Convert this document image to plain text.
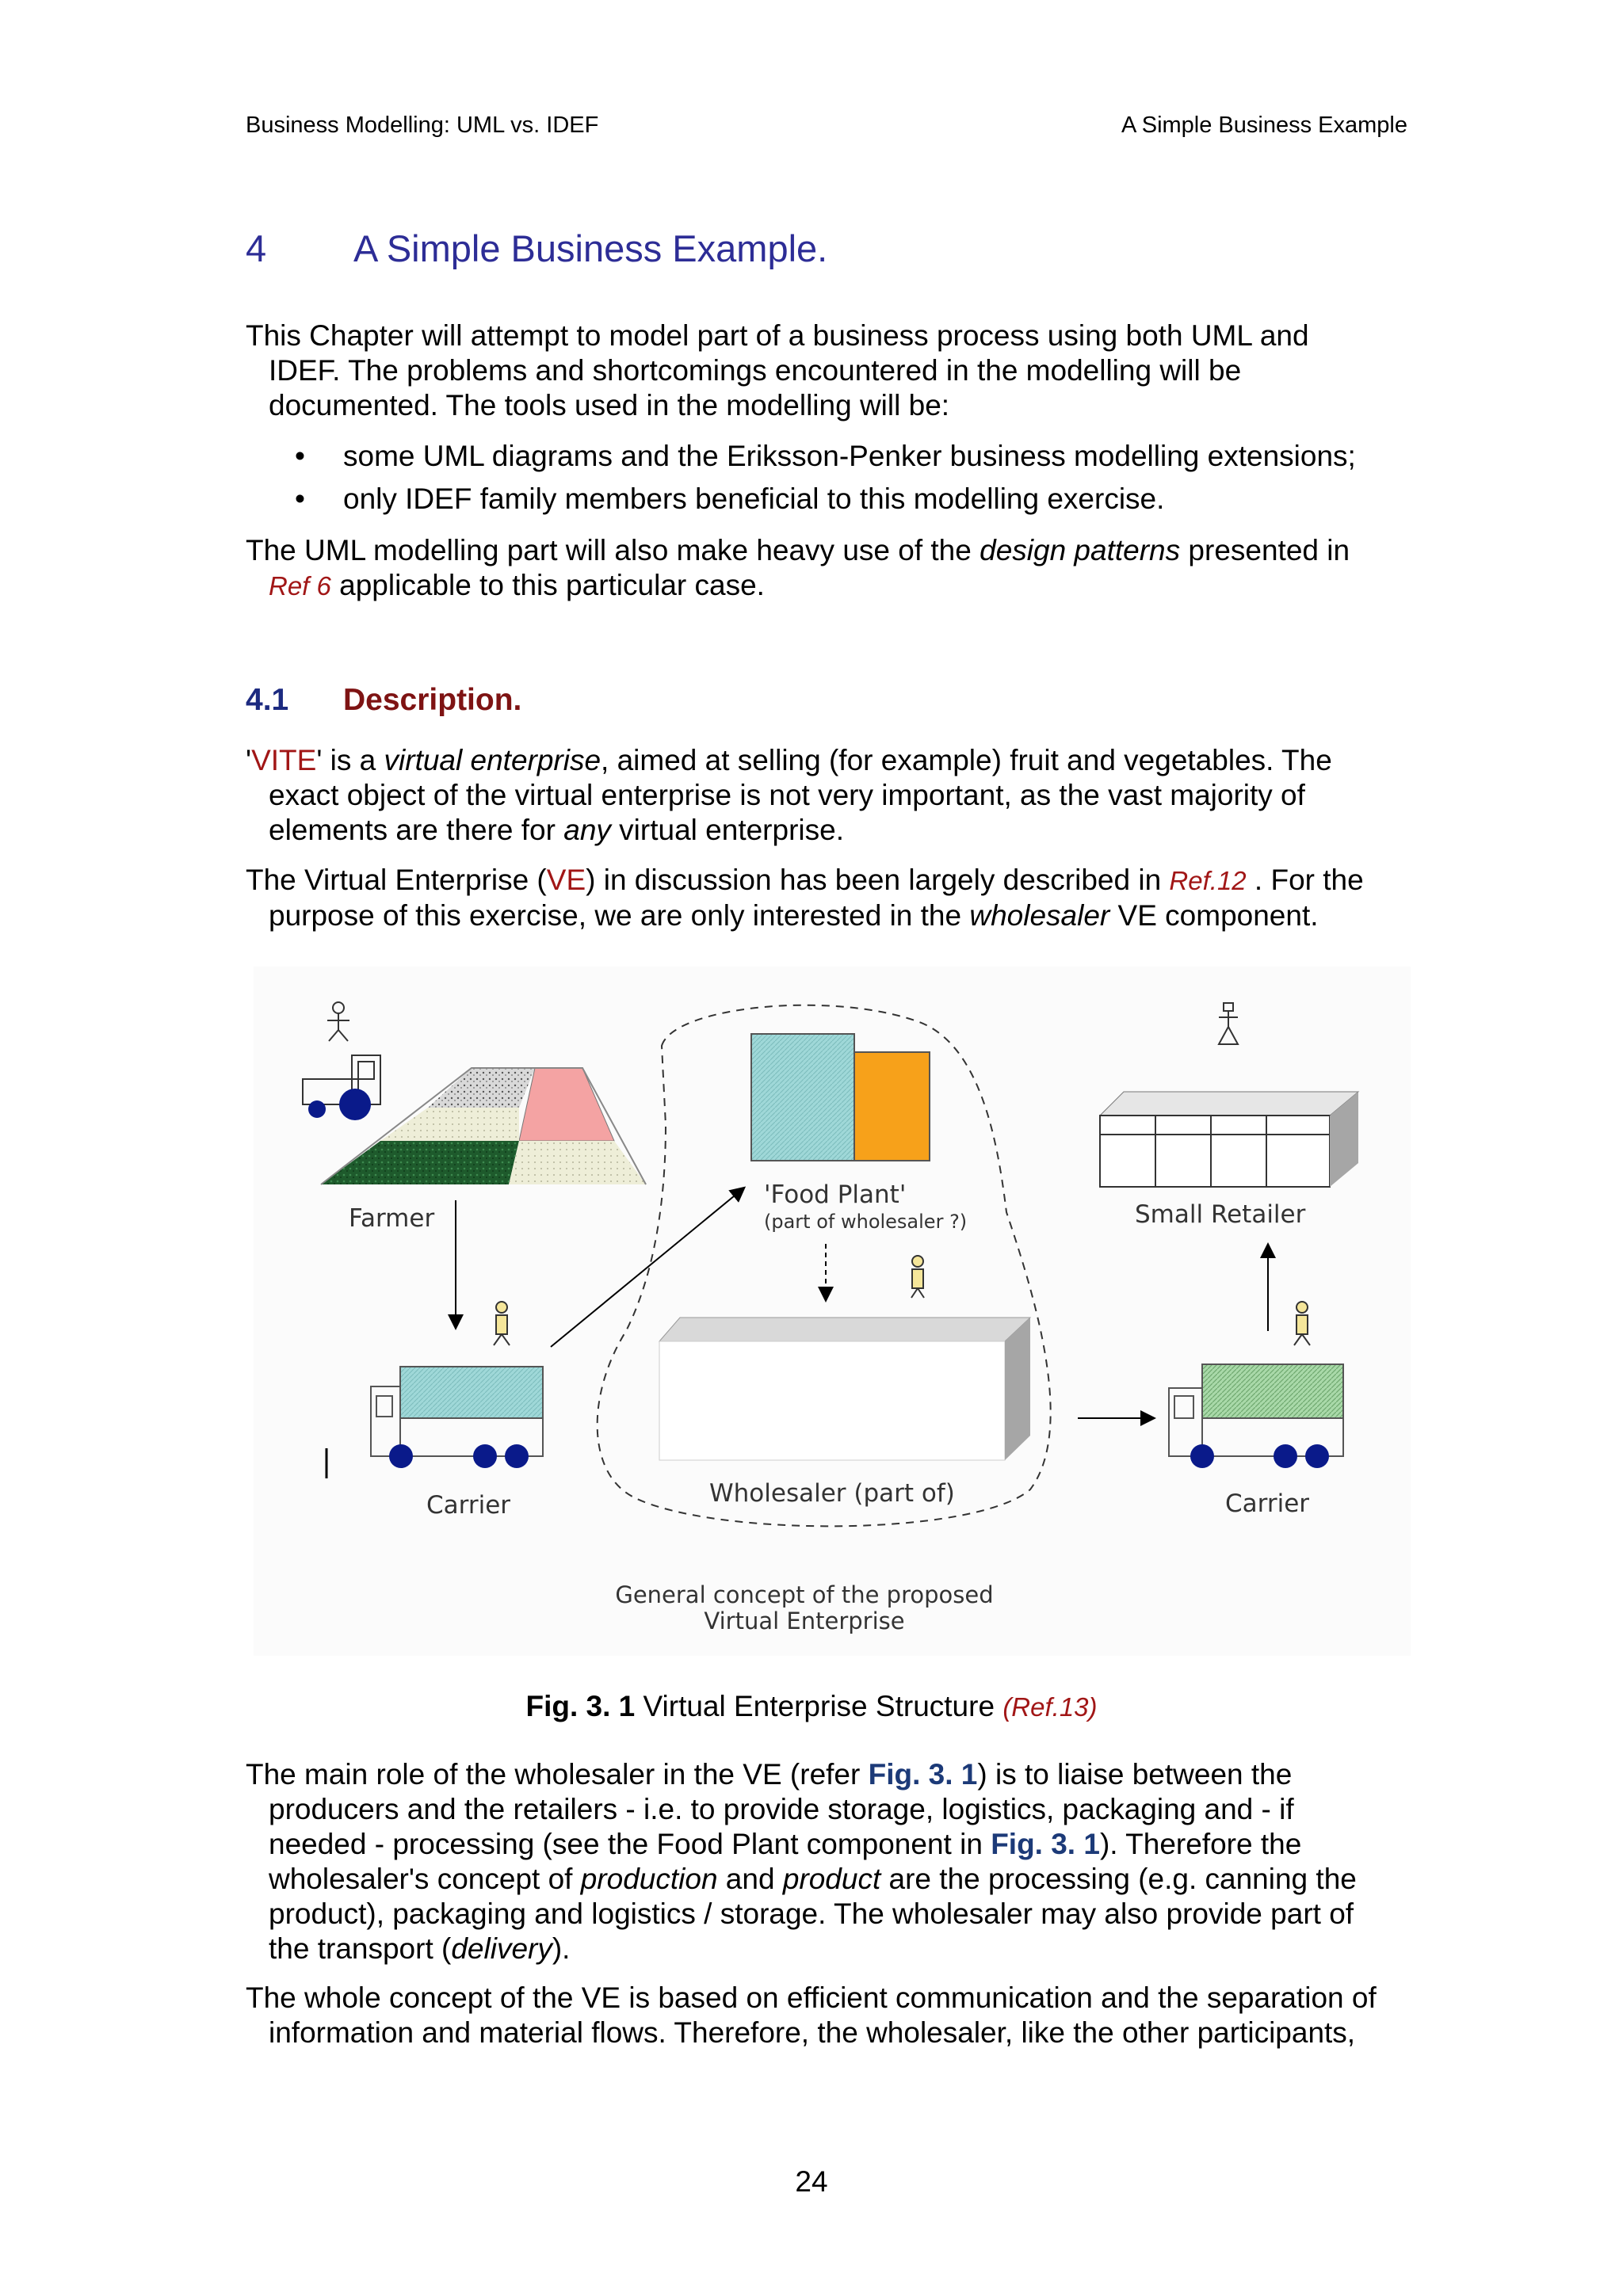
Business Modelling: UML vs. IDEF	A Simple Business Example
4 A Simple Business Example.
This Chapter will attempt to model part of a business process using both UML and
IDEF. The problems and shortcomings encountered in the modelling will be
documented. The tools used in the modelling will be:
• some UML diagrams and the Eriksson-Penker business modelling extensions;
• only IDEF family members beneficial to this modelling exercise.
The UML modelling part will also make heavy use of the design patterns presented in
Ref 6 applicable to this particular case.
4.1 Description.
'VITE' is a virtual enterprise, aimed at selling (for example) fruit and vegetables. The
exact object of the virtual enterprise is not very important, as the vast majority of
elements are there for any virtual enterprise.
The Virtual Enterprise (VE) in discussion has been largely described in Ref.12 . For the
purpose of this exercise, we are only interested in the wholesaler VE component.
Farmer
Carrier
'Food Plant'
(part of wholesaler ?)
Wholesaler (part of)	Carrier
Small Retailer
General concept of the proposed
Virtual Enterprise
Fig. 3. 1 Virtual Enterprise Structure (Ref.13)
The main role of the wholesaler in the VE (refer Fig. 3. 1) is to liaise between the
producers and the retailers - i.e. to provide storage, logistics, packaging and - if
needed - processing (see the Food Plant component in Fig. 3. 1). Therefore the
wholesaler's concept of production and product are the processing (e.g. canning the
product), packaging and logistics / storage. The wholesaler may also provide part of
the transport (delivery).
The whole concept of the VE is based on efficient communication and the separation of
information and material flows. Therefore, the wholesaler, like the other participants,
24
